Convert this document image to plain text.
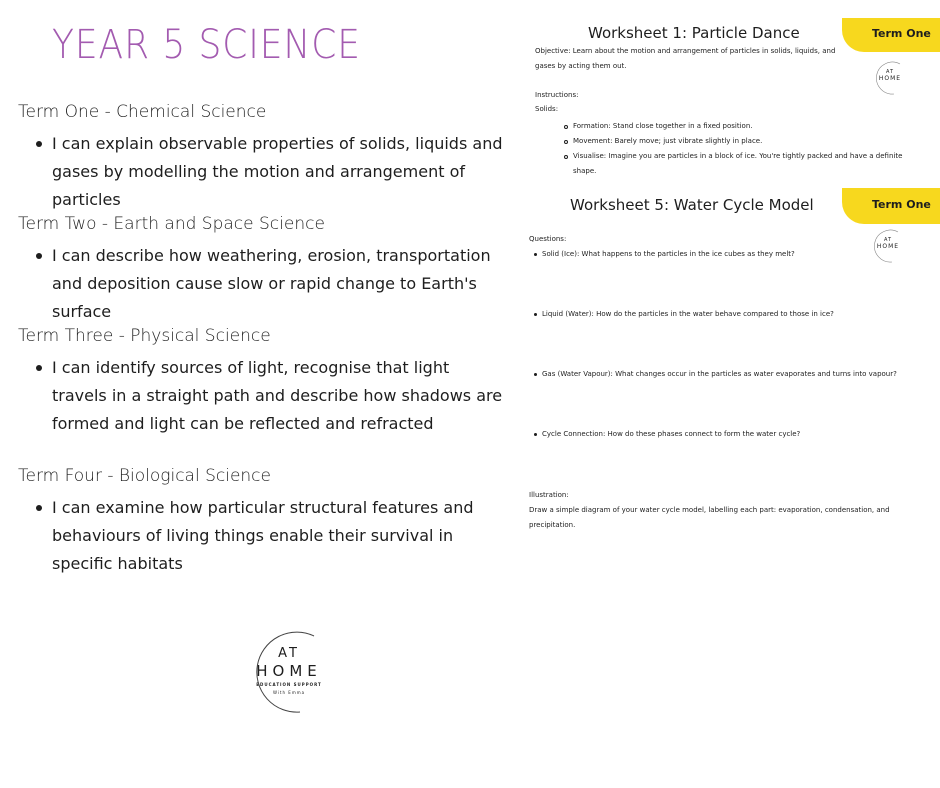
YEAR 5 SCIENCE
Term One - Chemical Science
I can explain observable properties of solids, liquids and gases by modelling the motion and arrangement of particles
Term Two - Earth and Space Science
I can describe how weathering, erosion, transportation and deposition cause slow or rapid change to Earth's surface
Term Three - Physical Science
I can identify sources of light, recognise that light travels in a straight path and describe how shadows are formed and light can be reflected and refracted
Term Four - Biological Science
I can examine how particular structural features and behaviours of living things enable their survival in specific habitats
AT
HOME
EDUCATION SUPPORT
With Emma
Term One
Worksheet 1: Particle Dance
Objective: Learn about the motion and arrangement of particles in solids, liquids, and gases by acting them out.
AT
HOME
Instructions:
Solids:
Formation: Stand close together in a fixed position.
Movement: Barely move; just vibrate slightly in place.
Visualise: Imagine you are particles in a block of ice. You're tightly packed and have a definite shape.
Term One
Worksheet 5: Water Cycle Model
Questions:	AT
HOME
Solid (Ice): What happens to the particles in the ice cubes as they melt?
Liquid (Water): How do the particles in the water behave compared to those in ice?
Gas (Water Vapour): What changes occur in the particles as water evaporates and turns into vapour?
Cycle Connection: How do these phases connect to form the water cycle?
Illustration:
Draw a simple diagram of your water cycle model, labelling each part: evaporation, condensation, and precipitation.
